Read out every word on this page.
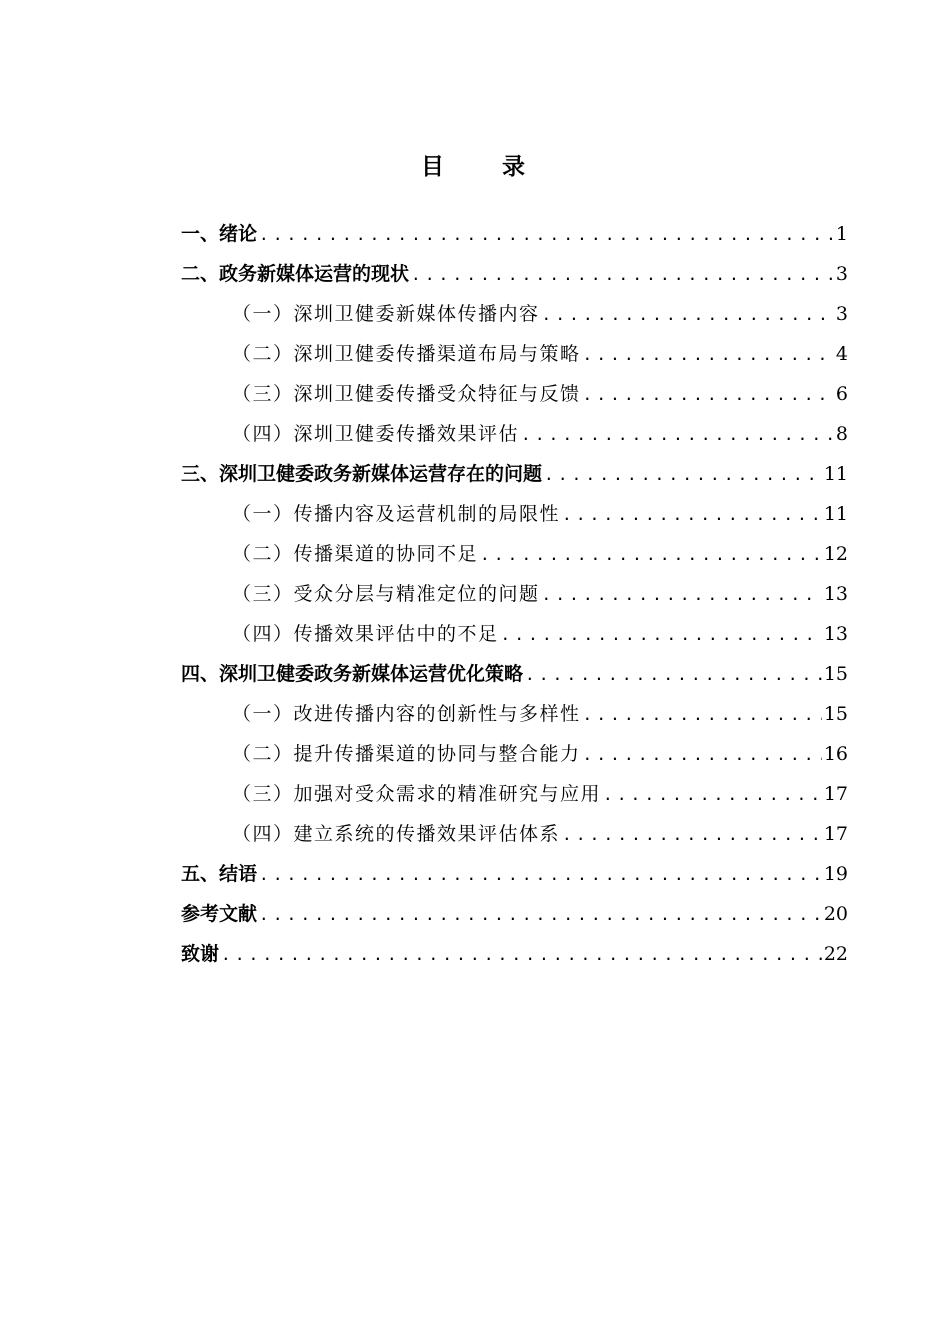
目　　录
一、绪论 .....	1
二、政务新媒体运营的现状 .....	3
（一）深圳卫健委新媒体传播内容 .....	3
（二）深圳卫健委传播渠道布局与策略 .....	4
（三）深圳卫健委传播受众特征与反馈 .....	6
（四）深圳卫健委传播效果评估 .....	8
三、深圳卫健委政务新媒体运营存在的问题 .....	11
（一）传播内容及运营机制的局限性 .....	11
（二）传播渠道的协同不足 .....	12
（三）受众分层与精准定位的问题 .....	13
（四）传播效果评估中的不足 .....	13
四、深圳卫健委政务新媒体运营优化策略 .....	15
（一）改进传播内容的创新性与多样性 .....	15
（二）提升传播渠道的协同与整合能力 .....	16
（三）加强对受众需求的精准研究与应用 .....	17
（四）建立系统的传播效果评估体系 .....	17
五、结语 .....	19
参考文献 .....	20
致谢 .....	22
